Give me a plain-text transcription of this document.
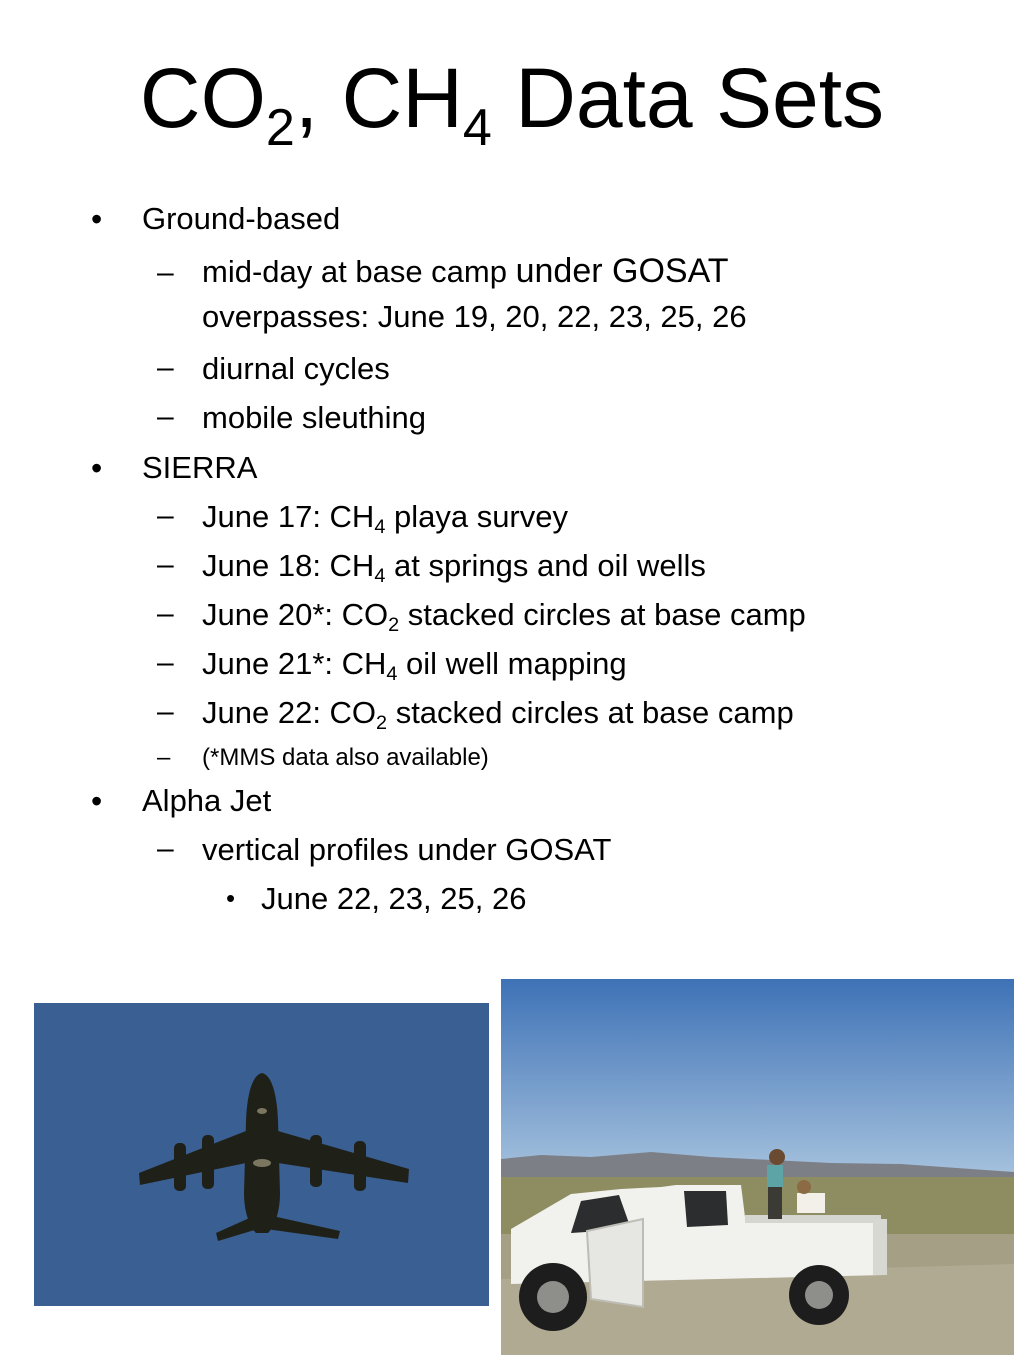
$CO_2$, $CH_4$ Data Sets
• Ground-based
– mid-day at base camp under GOSAT
overpasses: June 19, 20, 22, 23, 25, 26
– diurnal cycles
– mobile sleuthing
• SIERRA
– June 17: $CH_4$ playa survey
– June 18: $CH_4$ at springs and oil wells
– June 20*: $CO_2$ stacked circles at base camp
– June 21*: $CH_4$ oil well mapping
– June 22: $CO_2$ stacked circles at base camp
– (*MMS data also available)
• Alpha Jet
– vertical profiles under GOSAT
• June 22, 23, 25, 26
